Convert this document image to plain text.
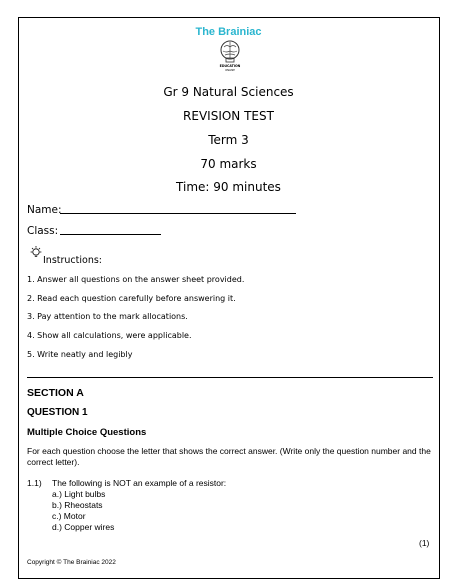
The Brainiac
EDUCATION
ONLINE
Gr 9 Natural Sciences
REVISION TEST
Term 3
70 marks
Time: 90 minutes
Name:
Class:
Instructions:
1. Answer all questions on the answer sheet provided.
2. Read each question carefully before answering it.
3. Pay attention to the mark allocations.
4. Show all calculations, were applicable.
5. Write neatly and legibly
SECTION A
QUESTION 1
Multiple Choice Questions
For each question choose the letter that shows the correct answer. (Write only the question number and the correct letter).
1.1) The following is NOT an example of a resistor:
a.) Light bulbs
b.) Rheostats
c.) Motor
d.) Copper wires
(1)
Copyright © The Brainiac 2022
